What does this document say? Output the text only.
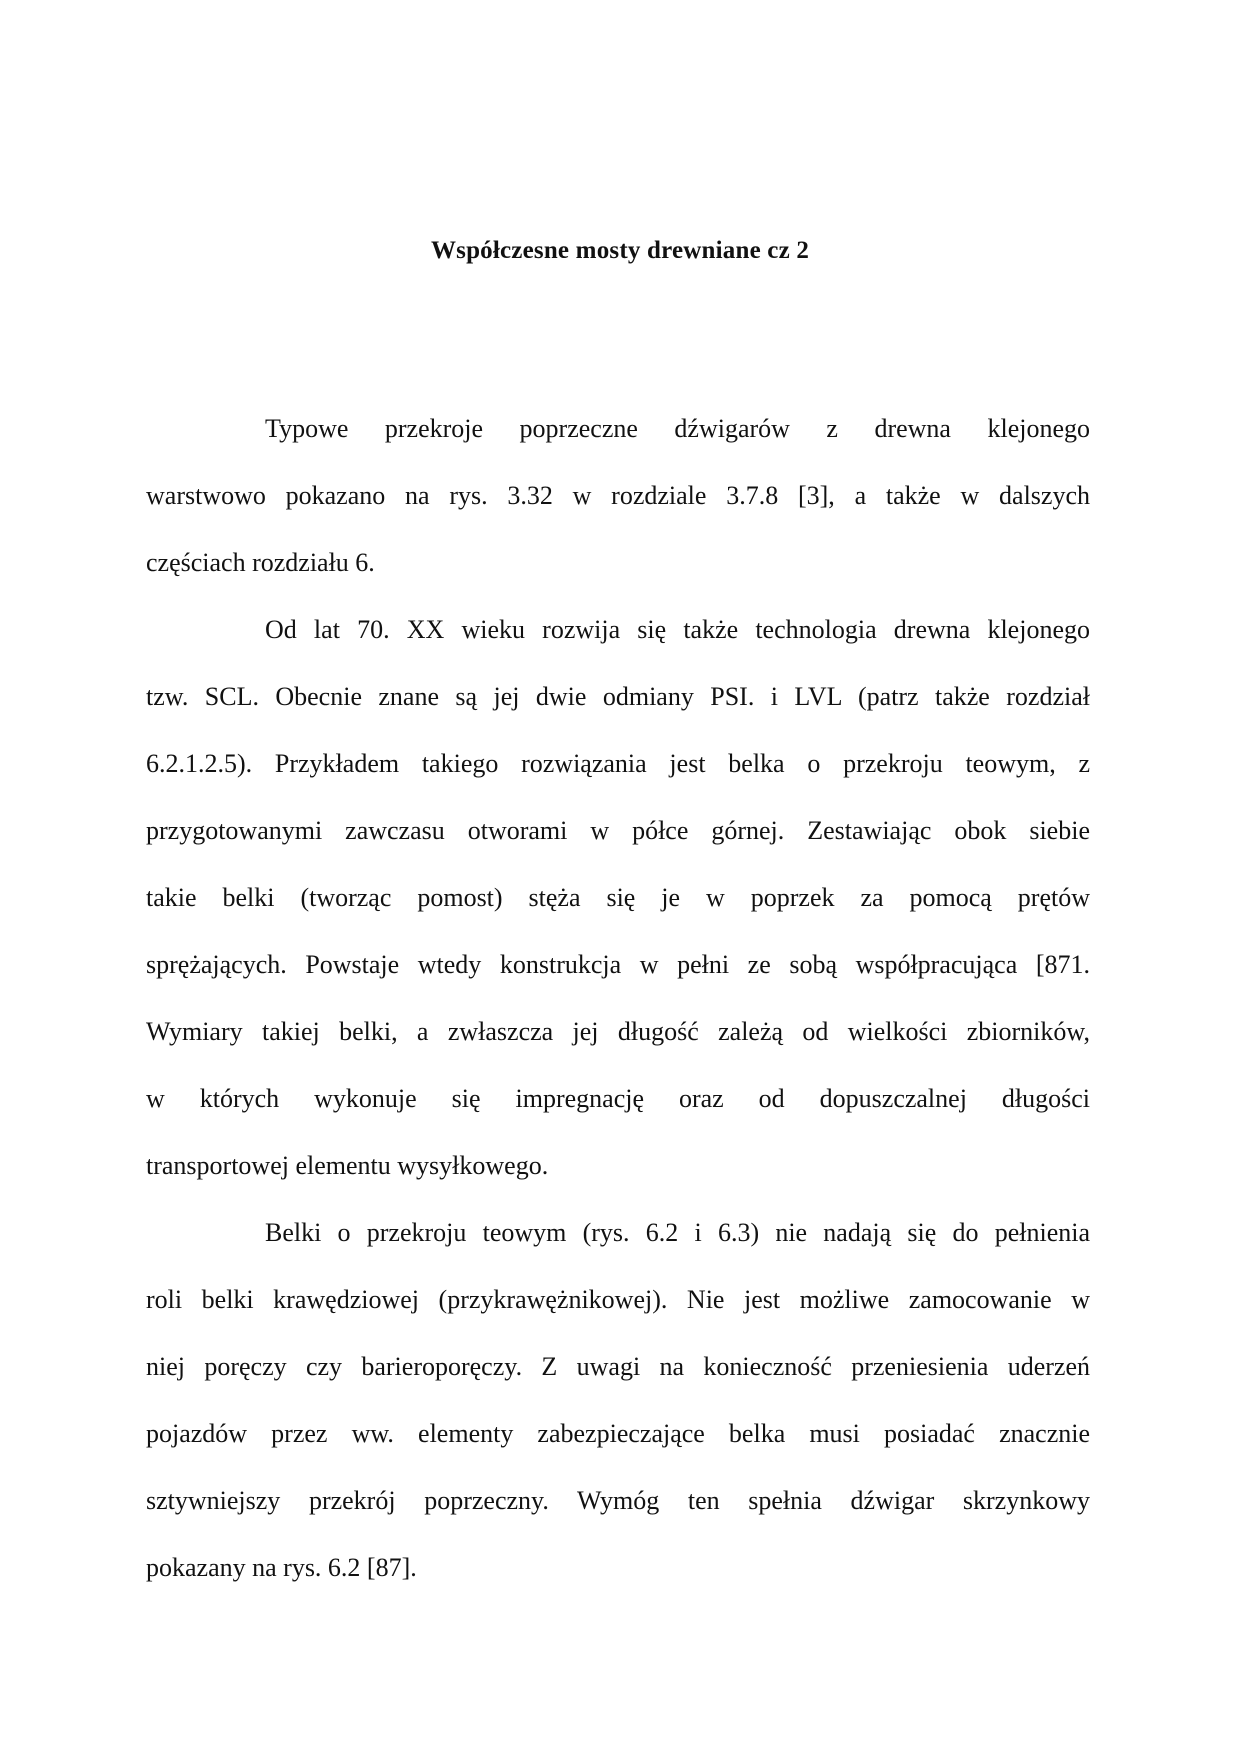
Współczesne mosty drewniane cz 2
Typowe przekroje poprzeczne dźwigarów z drewna klejonego
warstwowo pokazano na rys. 3.32 w rozdziale 3.7.8 [3], a także w dalszych
częściach rozdziału 6.
Od lat 70. XX wieku rozwija się także technologia drewna klejonego
tzw. SCL. Obecnie znane są jej dwie odmiany PSI. i LVL (patrz także rozdział
6.2.1.2.5). Przykładem takiego rozwiązania jest belka o przekroju teowym, z
przygotowanymi zawczasu otworami w półce górnej. Zestawiając obok siebie
takie belki (tworząc pomost) stęża się je w poprzek za pomocą prętów
sprężających. Powstaje wtedy konstrukcja w pełni ze sobą współpracująca [871.
Wymiary takiej belki, a zwłaszcza jej długość zależą od wielkości zbiorników,
w których wykonuje się impregnację oraz od dopuszczalnej długości
transportowej elementu wysyłkowego.
Belki o przekroju teowym (rys. 6.2 i 6.3) nie nadają się do pełnienia
roli belki krawędziowej (przykrawężnikowej). Nie jest możliwe zamocowanie w
niej poręczy czy barieroporęczy. Z uwagi na konieczność przeniesienia uderzeń
pojazdów przez ww. elementy zabezpieczające belka musi posiadać znacznie
sztywniejszy przekrój poprzeczny. Wymóg ten spełnia dźwigar skrzynkowy
pokazany na rys. 6.2 [87].
